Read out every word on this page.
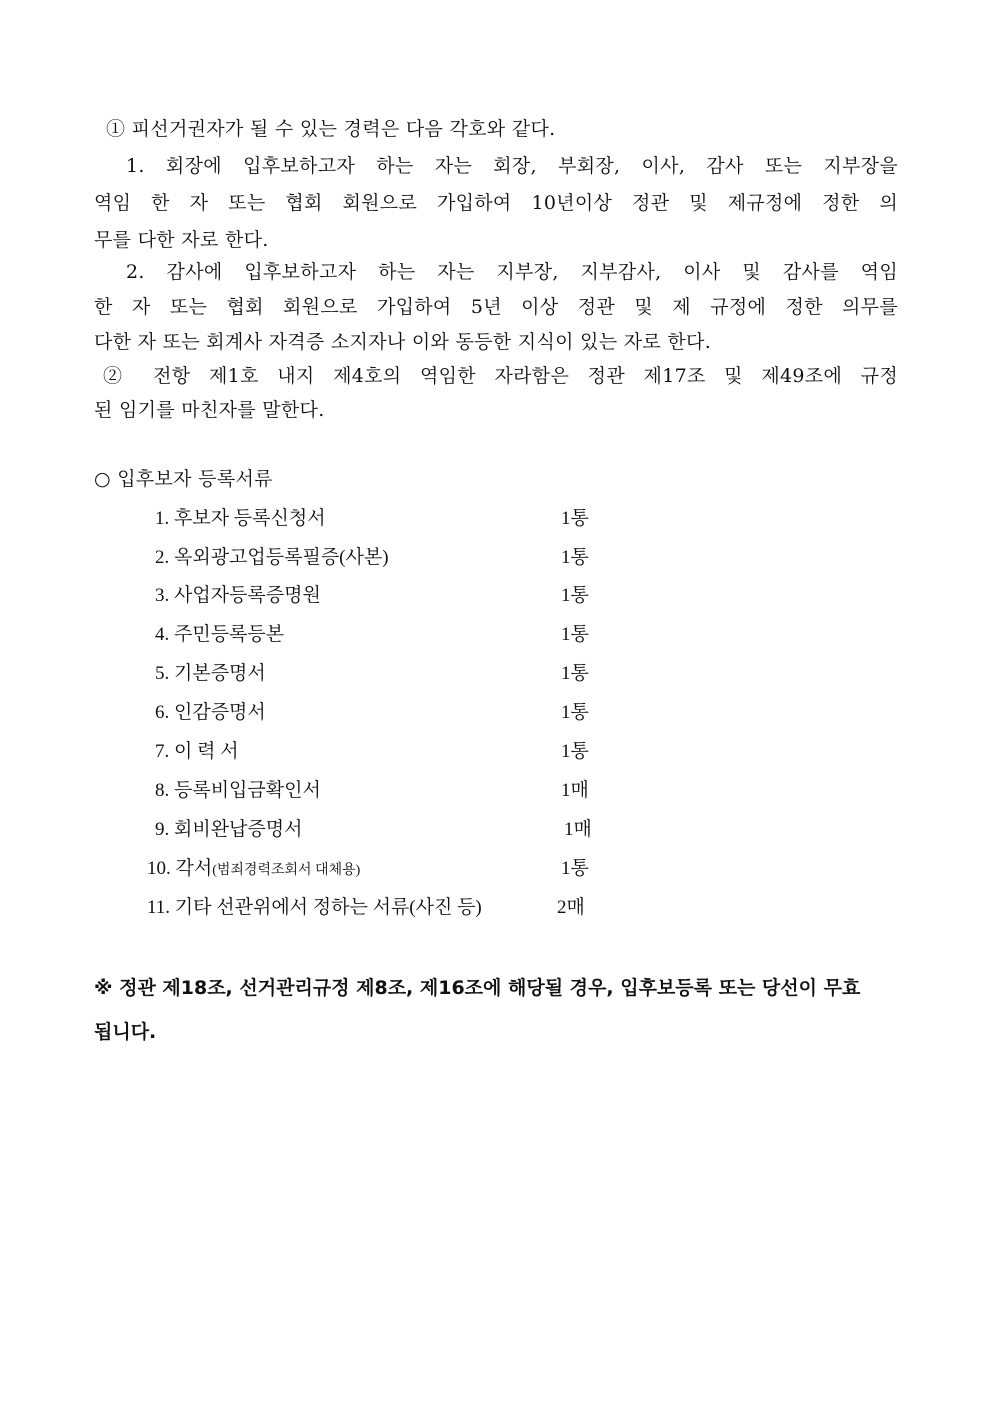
① 피선거권자가 될 수 있는 경력은 다음 각호와 같다.
1. 회장에 입후보하고자 하는 자는 회장, 부회장, 이사, 감사 또는 지부장을
역임 한 자 또는 협회 회원으로 가입하여 10년이상 정관 및 제규정에 정한 의
무를 다한 자로 한다.
2. 감사에 입후보하고자 하는 자는 지부장, 지부감사, 이사 및 감사를 역임
한 자 또는 협회 회원으로 가입하여 5년 이상 정관 및 제 규정에 정한 의무를
다한 자 또는 회계사 자격증 소지자나 이와 동등한 지식이 있는 자로 한다.
② 전항 제1호 내지 제4호의 역임한 자라함은 정관 제17조 및 제49조에 규정
된 임기를 마친자를 말한다.
○ 입후보자 등록서류
1. 후보자 등록신청서	1통
2. 옥외광고업등록필증(사본)	1통
3. 사업자등록증명원	1통
4. 주민등록등본	1통
5. 기본증명서	1통
6. 인감증명서	1통
7. 이 력 서	1통
8. 등록비입금확인서	1매
9. 회비완납증명서	1매
10. 각서(범죄경력조회서 대체용)	1통
11. 기타 선관위에서 정하는 서류(사진 등)	2매
※ 정관 제18조, 선거관리규정 제8조, 제16조에 해당될 경우, 입후보등록 또는 당선이 무효
됩니다.
